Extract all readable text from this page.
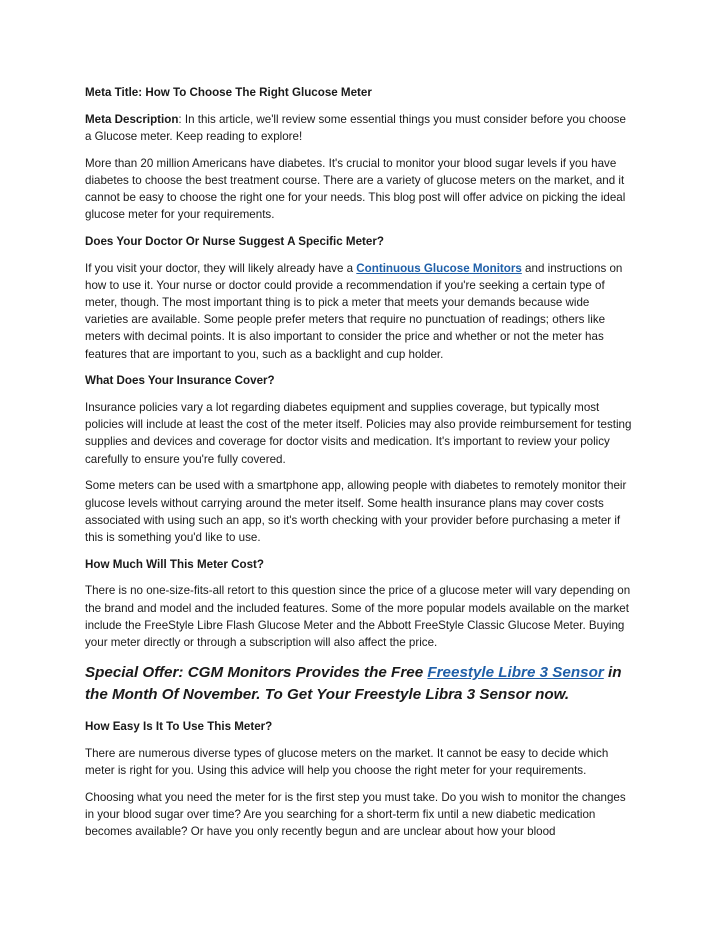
Meta Title: How To Choose The Right Glucose Meter

Meta Description: In this article, we'll review some essential things you must consider before you choose a Glucose meter. Keep reading to explore!

More than 20 million Americans have diabetes. It's crucial to monitor your blood sugar levels if you have diabetes to choose the best treatment course. There are a variety of glucose meters on the market, and it cannot be easy to choose the right one for your needs. This blog post will offer advice on picking the ideal glucose meter for your requirements.

Does Your Doctor Or Nurse Suggest A Specific Meter?

If you visit your doctor, they will likely already have a Continuous Glucose Monitors and instructions on how to use it. Your nurse or doctor could provide a recommendation if you're seeking a certain type of meter, though. The most important thing is to pick a meter that meets your demands because wide varieties are available. Some people prefer meters that require no punctuation of readings; others like meters with decimal points. It is also important to consider the price and whether or not the meter has features that are important to you, such as a backlight and cup holder.

What Does Your Insurance Cover?

Insurance policies vary a lot regarding diabetes equipment and supplies coverage, but typically most policies will include at least the cost of the meter itself. Policies may also provide reimbursement for testing supplies and devices and coverage for doctor visits and medication. It's important to review your policy carefully to ensure you're fully covered.

Some meters can be used with a smartphone app, allowing people with diabetes to remotely monitor their glucose levels without carrying around the meter itself. Some health insurance plans may cover costs associated with using such an app, so it's worth checking with your provider before purchasing a meter if this is something you'd like to use.

How Much Will This Meter Cost?

There is no one-size-fits-all retort to this question since the price of a glucose meter will vary depending on the brand and model and the included features. Some of the more popular models available on the market include the FreeStyle Libre Flash Glucose Meter and the Abbott FreeStyle Classic Glucose Meter. Buying your meter directly or through a subscription will also affect the price.

Special Offer: CGM Monitors Provides the Free Freestyle Libre 3 Sensor in the Month Of November. To Get Your Freestyle Libra 3 Sensor now.

How Easy Is It To Use This Meter?

There are numerous diverse types of glucose meters on the market. It cannot be easy to decide which meter is right for you. Using this advice will help you choose the right meter for your requirements.

Choosing what you need the meter for is the first step you must take. Do you wish to monitor the changes in your blood sugar over time? Are you searching for a short-term fix until a new diabetic medication becomes available? Or have you only recently begun and are unclear about how your blood
